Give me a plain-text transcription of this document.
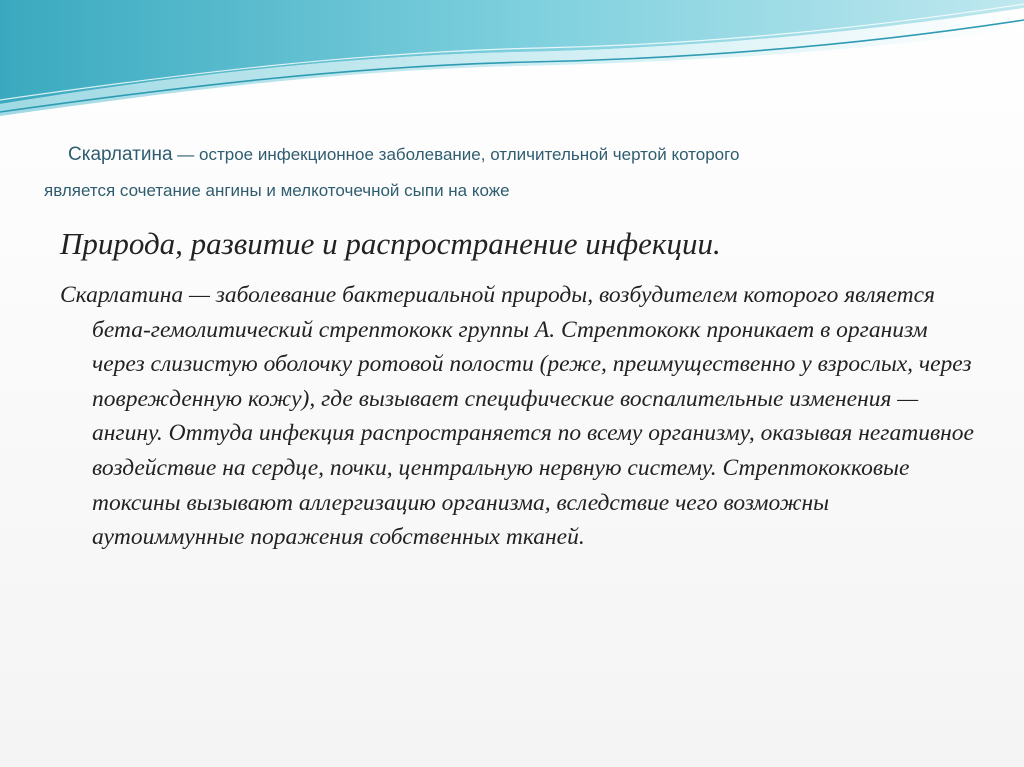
Скарлатина — острое инфекционное заболевание, отличительной чертой которого
является сочетание ангины и мелкоточечной сыпи на коже

Природа, развитие и распространение инфекции.

Скарлатина — заболевание бактериальной природы, возбудителем которого является бета-гемолитический стрептококк группы А. Стрептококк проникает в организм через слизистую оболочку ротовой полости (реже, преимущественно у взрослых, через поврежденную кожу), где вызывает специфические воспалительные изменения — ангину. Оттуда инфекция распространяется по всему организму, оказывая негативное воздействие на сердце, почки, центральную нервную систему. Стрептококковые токсины вызывают аллергизацию организма, вследствие чего возможны аутоиммунные поражения собственных тканей.
